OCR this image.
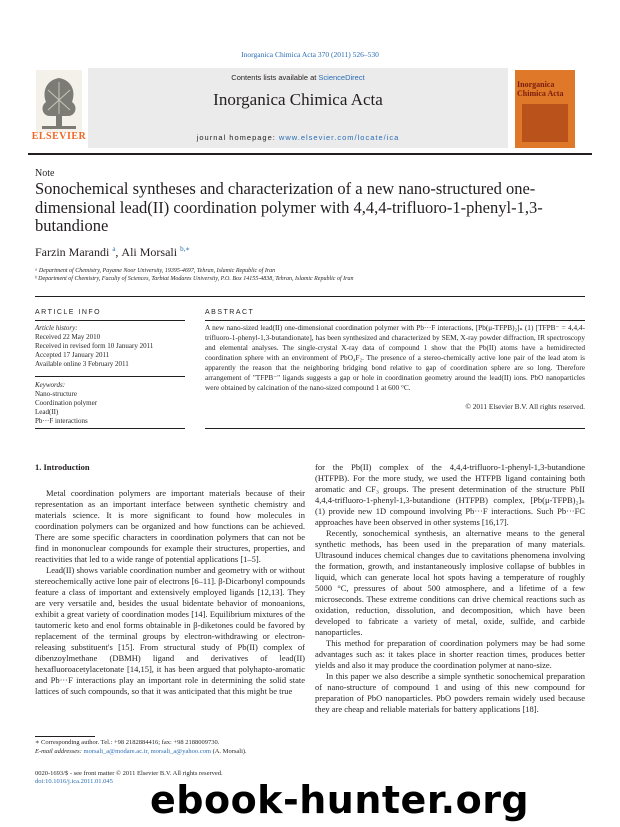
Inorganica Chimica Acta 370 (2011) 526–530
Contents lists available at ScienceDirect
Inorganica Chimica Acta
journal homepage: www.elsevier.com/locate/ica
ELSEVIER
Inorganica Chimica Acta
Note
Sonochemical syntheses and characterization of a new nano-structured one-dimensional lead(II) coordination polymer with 4,4,4-trifluoro-1-phenyl-1,3-butandione
Farzin Marandi $^a$, Ali Morsali $^{b,∗}$
ᵃ Department of Chemistry, Payame Noor University, 19395-4697, Tehran, Islamic Republic of Iran
ᵇ Department of Chemistry, Faculty of Sciences, Tarbiat Modares University, P.O. Box 14155-4838, Tehran, Islamic Republic of Iran
ARTICLE INFO
Article history:
Received 22 May 2010
Received in revised form 10 January 2011
Accepted 17 January 2011
Available online 3 February 2011
Keywords:
Nano-structure
Coordination polymer
Lead(II)
Pb···F interactions
ABSTRACT
A new nano-sized lead(II) one-dimensional coordination polymer with Pb···F interactions, [Pb(μ-TFPB)₂]ₙ (1) [TFPB⁻ = 4,4,4-trifluoro-1-phenyl-1,3-butandionate], has been synthesized and characterized by SEM, X-ray powder diffraction, IR spectroscopy and elemental analyses. The single-crystal X-ray data of compound 1 show that the Pb(II) atoms have a hemidirected coordination sphere with an environment of PbO₄F₂. The presence of a stereo-chemically active lone pair of the lead atom is apparently the reason that the neighboring bridging bond relative to gap of coordination sphere are so long. Therefore arrangement of "TFPB⁻" ligands suggests a gap or hole in coordination geometry around the lead(II) ions. PbO nanoparticles were obtained by calcination of the nano-sized compound 1 at 600 °C.
© 2011 Elsevier B.V. All rights reserved.
1. Introduction

Metal coordination polymers are important materials because of their representation as an important interface between synthetic chemistry and materials science. It is more significant to found how molecules in coordination polymers can be organized and how functions can be achieved. There are some specific characters in coordination polymers that can not be find in mononuclear compounds for example their structures, properties, and reactivities that led to a wide range of potential applications [1–5].

Lead(II) shows variable coordination number and geometry with or without stereochemically active lone pair of electrons [6–11]. β-Dicarbonyl compounds feature a class of important and extensively employed ligands [12,13]. They are very versatile and, besides the usual bidentate behavior of monoanions, exhibit a great variety of coordination modes [14]. Equilibrium mixtures of the tautomeric keto and enol forms obtainable in β-diketones could be favored by replacement of the terminal groups by electron-withdrawing or electron-releasing substituent's [15]. From structural study of Pb(II) complex of dibenzoylmethane (DBMH) ligand and derivatives of lead(II) hexafluoroacetylacetonate [14,15], it has been argued that polyhapto-aromatic and Pb···F interactions play an important role in determining the solid state lattices of such compounds, so that it was anticipated that this might be true

for the Pb(II) complex of the 4,4,4-trifluoro-1-phenyl-1,3-butandione (HTFPB). For the more study, we used the HTFPB ligand containing both aromatic and CF₃ groups. The present determination of the structure PbII 4,4,4-trifluoro-1-phenyl-1,3-butandione (HTFPB) complex, [Pb(μ-TFPB)₂]ₙ (1) provide new 1D compound involving Pb···F interactions. Such Pb···FC approaches have been observed in other systems [16,17].

Recently, sonochemical synthesis, an alternative means to the general synthetic methods, has been used in the preparation of many materials. Ultrasound induces chemical changes due to cavitations phenomena involving the formation, growth, and instantaneously implosive collapse of bubbles in liquid, which can generate local hot spots having a temperature of roughly 5000 °C, pressures of about 500 atmosphere, and a lifetime of a few microseconds. These extreme conditions can drive chemical reactions such as oxidation, reduction, dissolution, and decomposition, which have been developed to fabricate a variety of metal, oxide, sulfide, and carbide nanoparticles.

This method for preparation of coordination polymers may be had some advantages such as: it takes place in shorter reaction times, produces better yields and also it may produce the coordination polymer at nano-size.

In this paper we also describe a simple synthetic sonochemical preparation of nano-structure of compound 1 and using of this new compound for preparation of PbO nanoparticles. PbO powders remain widely used because they are cheap and reliable materials for battery applications [18].

∗ Corresponding author. Tel.: +98 2182884416; fax: +98 2188009730.
E-mail addresses: morsali_a@modare.ac.ir, morsali_a@yahoo.com (A. Morsali).
0020-1693/$ - see front matter © 2011 Elsevier B.V. All rights reserved.
doi:10.1016/j.ica.2011.01.045 ebook-hunter.org
